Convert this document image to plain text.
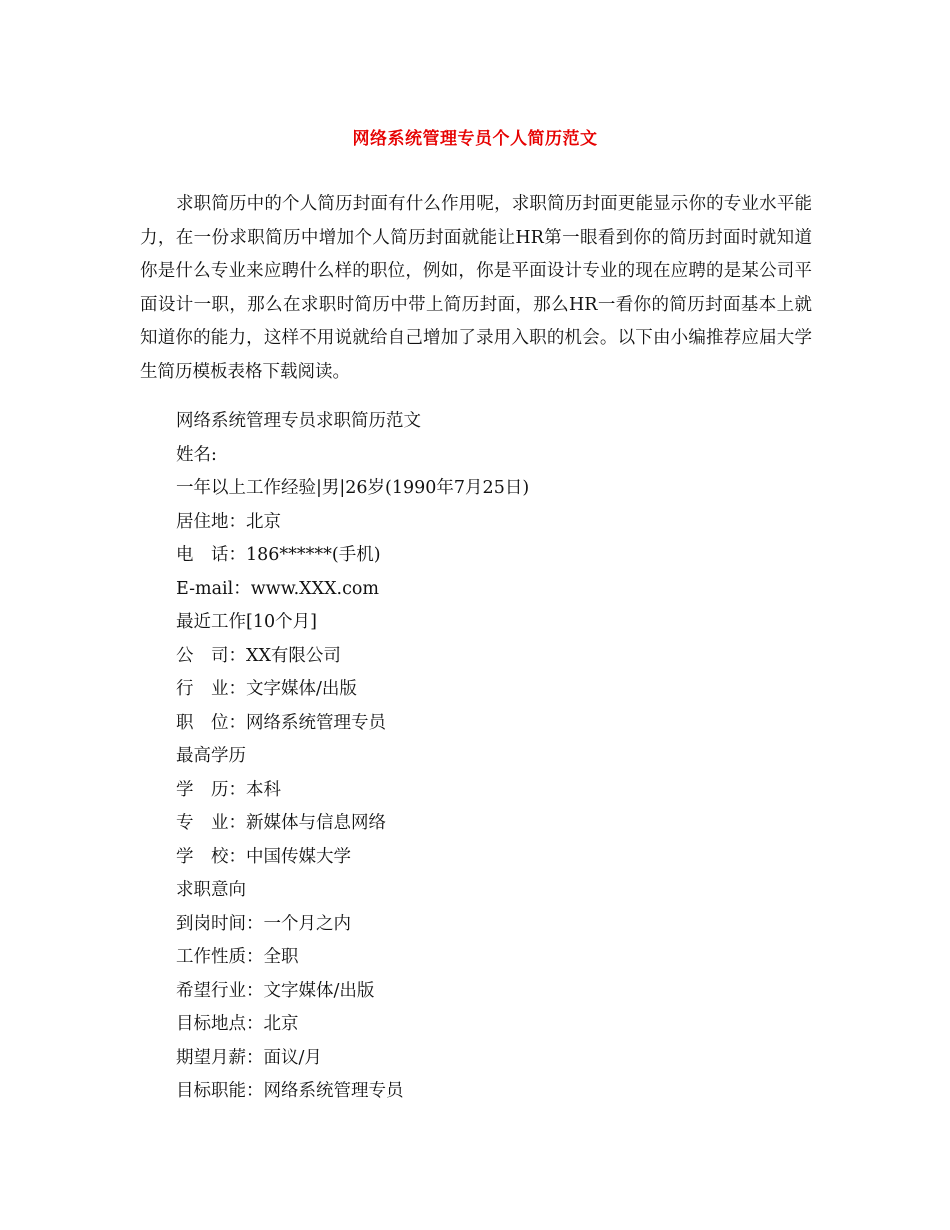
网络系统管理专员个人简历范文

求职简历中的个人简历封面有什么作用呢，求职简历封面更能显示你的专业水平能力，在一份求职简历中增加个人简历封面就能让HR第一眼看到你的简历封面时就知道你是什么专业来应聘什么样的职位，例如，你是平面设计专业的现在应聘的是某公司平面设计一职，那么在求职时简历中带上简历封面，那么HR一看你的简历封面基本上就知道你的能力，这样不用说就给自己增加了录用入职的机会。以下由小编推荐应届大学生简历模板表格下载阅读。

网络系统管理专员求职简历范文
姓名:
一年以上工作经验|男|26岁(1990年7月25日)
居住地：北京
电　话：186******(手机)
E-mail：www.XXX.com
最近工作[10个月]
公　司：XX有限公司
行　业：文字媒体/出版
职　位：网络系统管理专员
最高学历
学　历：本科
专　业：新媒体与信息网络
学　校：中国传媒大学
求职意向
到岗时间：一个月之内
工作性质：全职
希望行业：文字媒体/出版
目标地点：北京
期望月薪：面议/月
目标职能：网络系统管理专员
